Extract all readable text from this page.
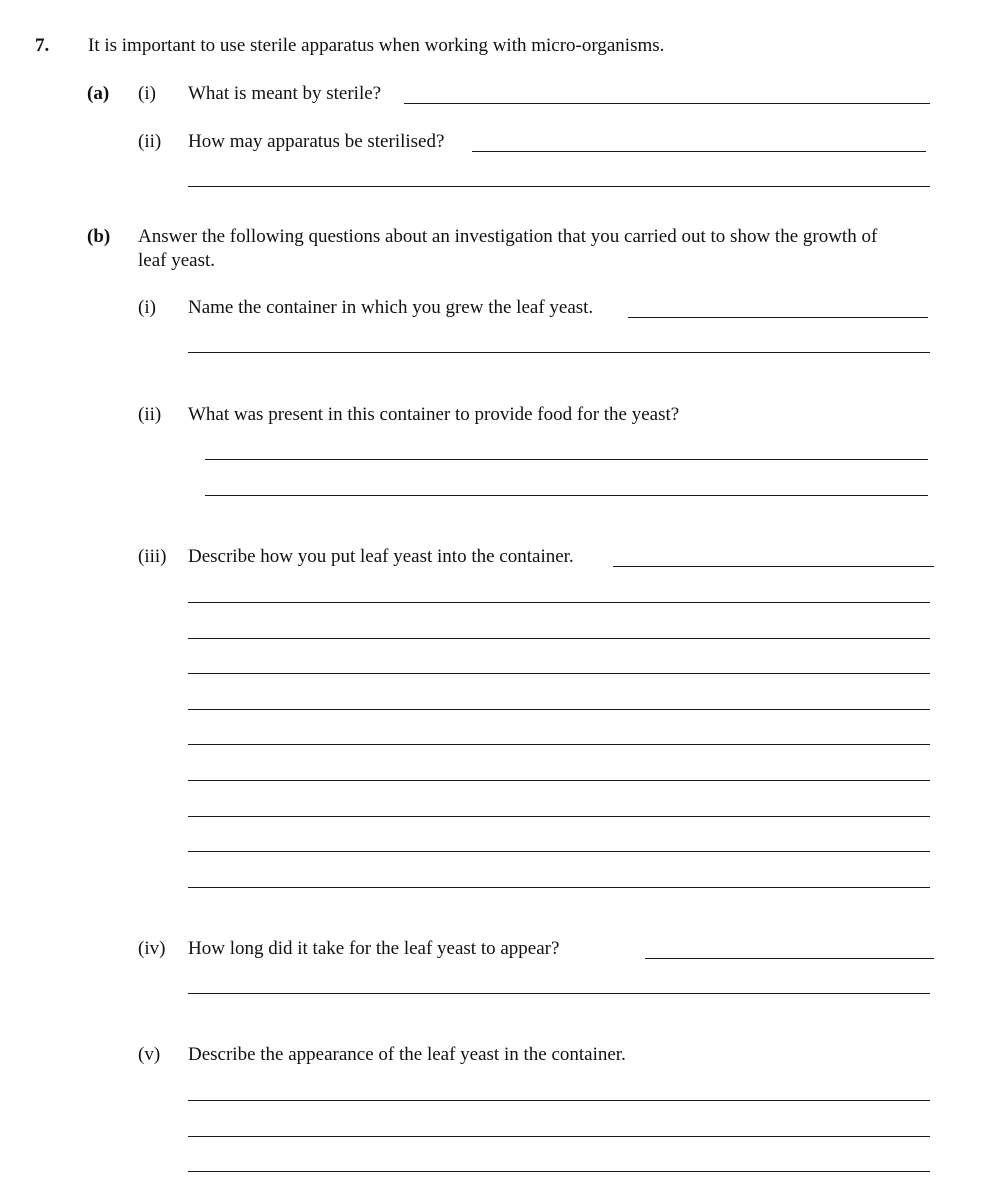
7. It is important to use sterile apparatus when working with micro-organisms.
(a) (i) What is meant by sterile?
(ii) How may apparatus be sterilised?
(b) Answer the following questions about an investigation that you carried out to show the growth of
leaf yeast.
(i) Name the container in which you grew the leaf yeast.
(ii) What was present in this container to provide food for the yeast?
(iii) Describe how you put leaf yeast into the container.
(iv) How long did it take for the leaf yeast to appear?
(v) Describe the appearance of the leaf yeast in the container.
